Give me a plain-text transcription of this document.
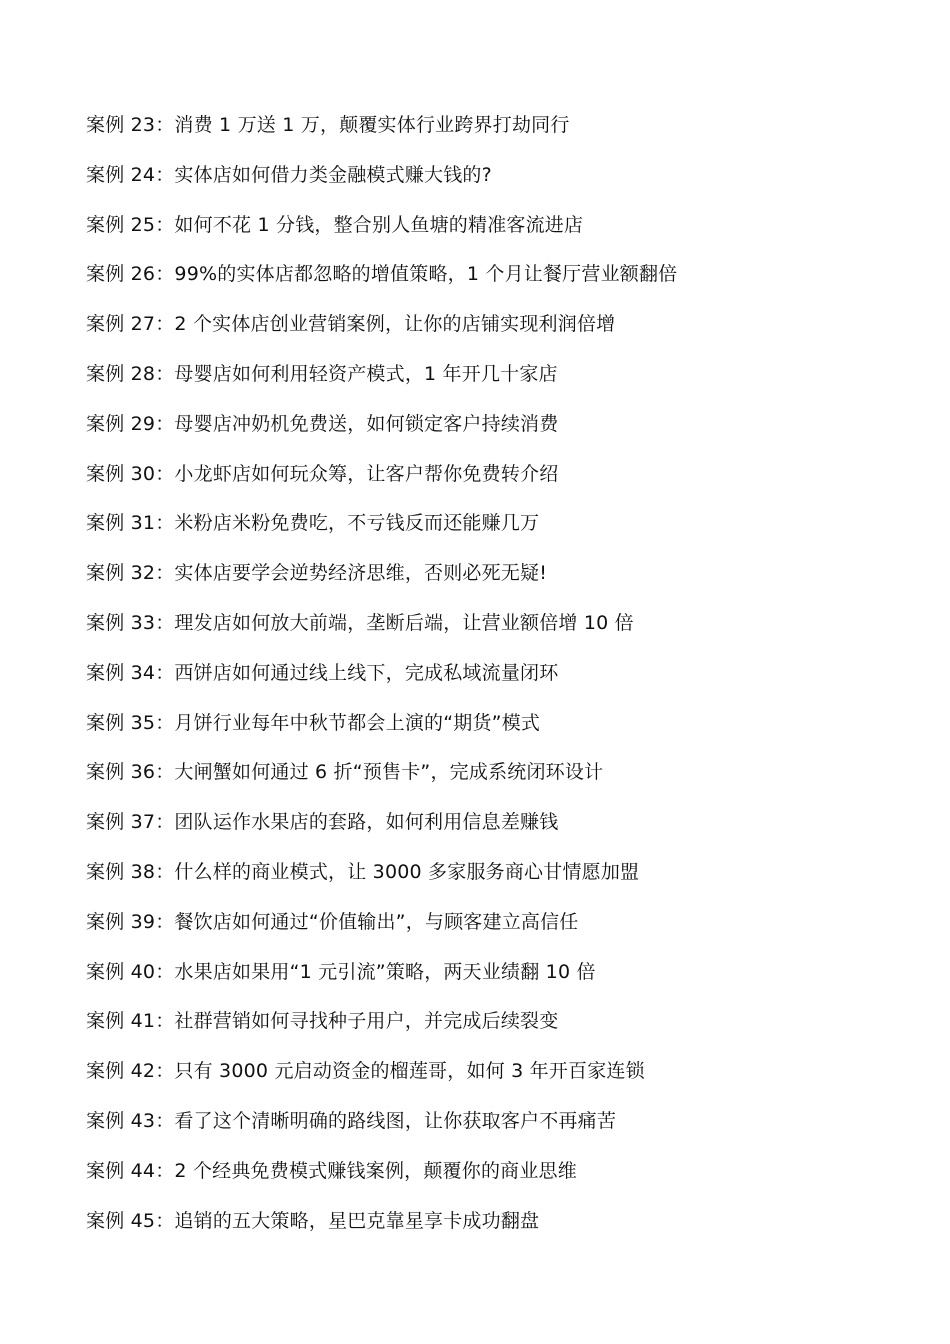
案例 23：消费 1 万送 1 万，颠覆实体行业跨界打劫同行
案例 24：实体店如何借力类金融模式赚大钱的?
案例 25：如何不花 1 分钱，整合别人鱼塘的精准客流进店
案例 26：99%的实体店都忽略的增值策略，1 个月让餐厅营业额翻倍
案例 27：2 个实体店创业营销案例，让你的店铺实现利润倍增
案例 28：母婴店如何利用轻资产模式，1 年开几十家店
案例 29：母婴店冲奶机免费送，如何锁定客户持续消费
案例 30：小龙虾店如何玩众筹，让客户帮你免费转介绍
案例 31：米粉店米粉免费吃，不亏钱反而还能赚几万
案例 32：实体店要学会逆势经济思维，否则必死无疑!
案例 33：理发店如何放大前端，垄断后端，让营业额倍增 10 倍
案例 34：西饼店如何通过线上线下，完成私域流量闭环
案例 35：月饼行业每年中秋节都会上演的“期货”模式
案例 36：大闸蟹如何通过 6 折“预售卡”，完成系统闭环设计
案例 37：团队运作水果店的套路，如何利用信息差赚钱
案例 38：什么样的商业模式，让 3000 多家服务商心甘情愿加盟
案例 39：餐饮店如何通过“价值输出”，与顾客建立高信任
案例 40：水果店如果用“1 元引流”策略，两天业绩翻 10 倍
案例 41：社群营销如何寻找种子用户，并完成后续裂变
案例 42：只有 3000 元启动资金的榴莲哥，如何 3 年开百家连锁
案例 43：看了这个清晰明确的路线图，让你获取客户不再痛苦
案例 44：2 个经典免费模式赚钱案例，颠覆你的商业思维
案例 45：追销的五大策略，星巴克靠星享卡成功翻盘
